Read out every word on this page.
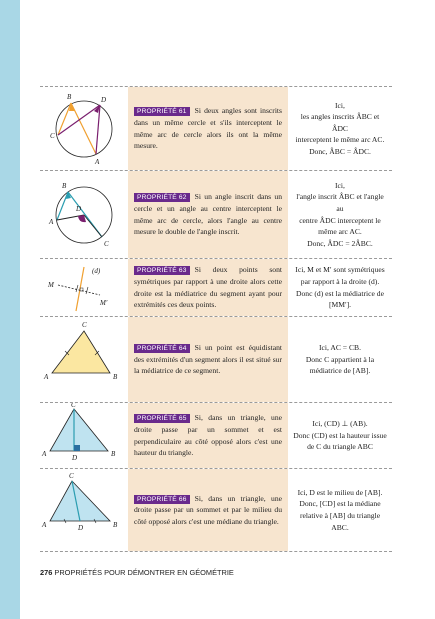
B	D
C
A

PROPRIÉTÉ 61 Si deux angles sont inscrits dans un même cercle et s'ils interceptent le même arc de cercle alors ils ont la même mesure.

Ici,
les angles inscrits ÂBC et ÂDC
interceptent le même arc AC.
Donc, ÂBC = ÂDC.
B
A
D
C

PROPRIÉTÉ 62 Si un angle inscrit dans un cercle et un angle au centre interceptent le même arc de cercle, alors l'angle au centre mesure le double de l'angle inscrit.

Ici,
l'angle inscrit ÂBC et l'angle au
centre ÂDC interceptent le
même arc AC.
Donc, ÂDC = 2ÂBC.
(d)
M
M′

PROPRIÉTÉ 63 Si deux points sont symétriques par rapport à une droite alors cette droite est la médiatrice du segment ayant pour extrémités ces deux points.

Ici, M et M′ sont symétriques
par rapport à la droite (d).
Donc (d) est la médiatrice de
[MM′].
C
A	B

PROPRIÉTÉ 64 Si un point est équidistant des extrémités d'un segment alors il est situé sur la médiatrice de ce segment.

Ici, AC = CB.
Donc C appartient à la
médiatrice de [AB].
C
A	D	B

PROPRIÉTÉ 65 Si, dans un triangle, une droite passe par un sommet et est perpendiculaire au côté opposé alors c'est une hauteur du triangle.

Ici, (CD) ⊥ (AB).
Donc (CD) est la hauteur issue
de C du triangle ABC
C
A	D	B

PROPRIÉTÉ 66 Si, dans un triangle, une droite passe par un sommet et par le milieu du côté opposé alors c'est une médiane du triangle.

Ici, D est le milieu de [AB].
Donc, [CD] est la médiane
relative à [AB] du triangle
ABC.
276 PROPRIÉTÉS POUR DÉMONTRER EN GÉOMÉTRIE
